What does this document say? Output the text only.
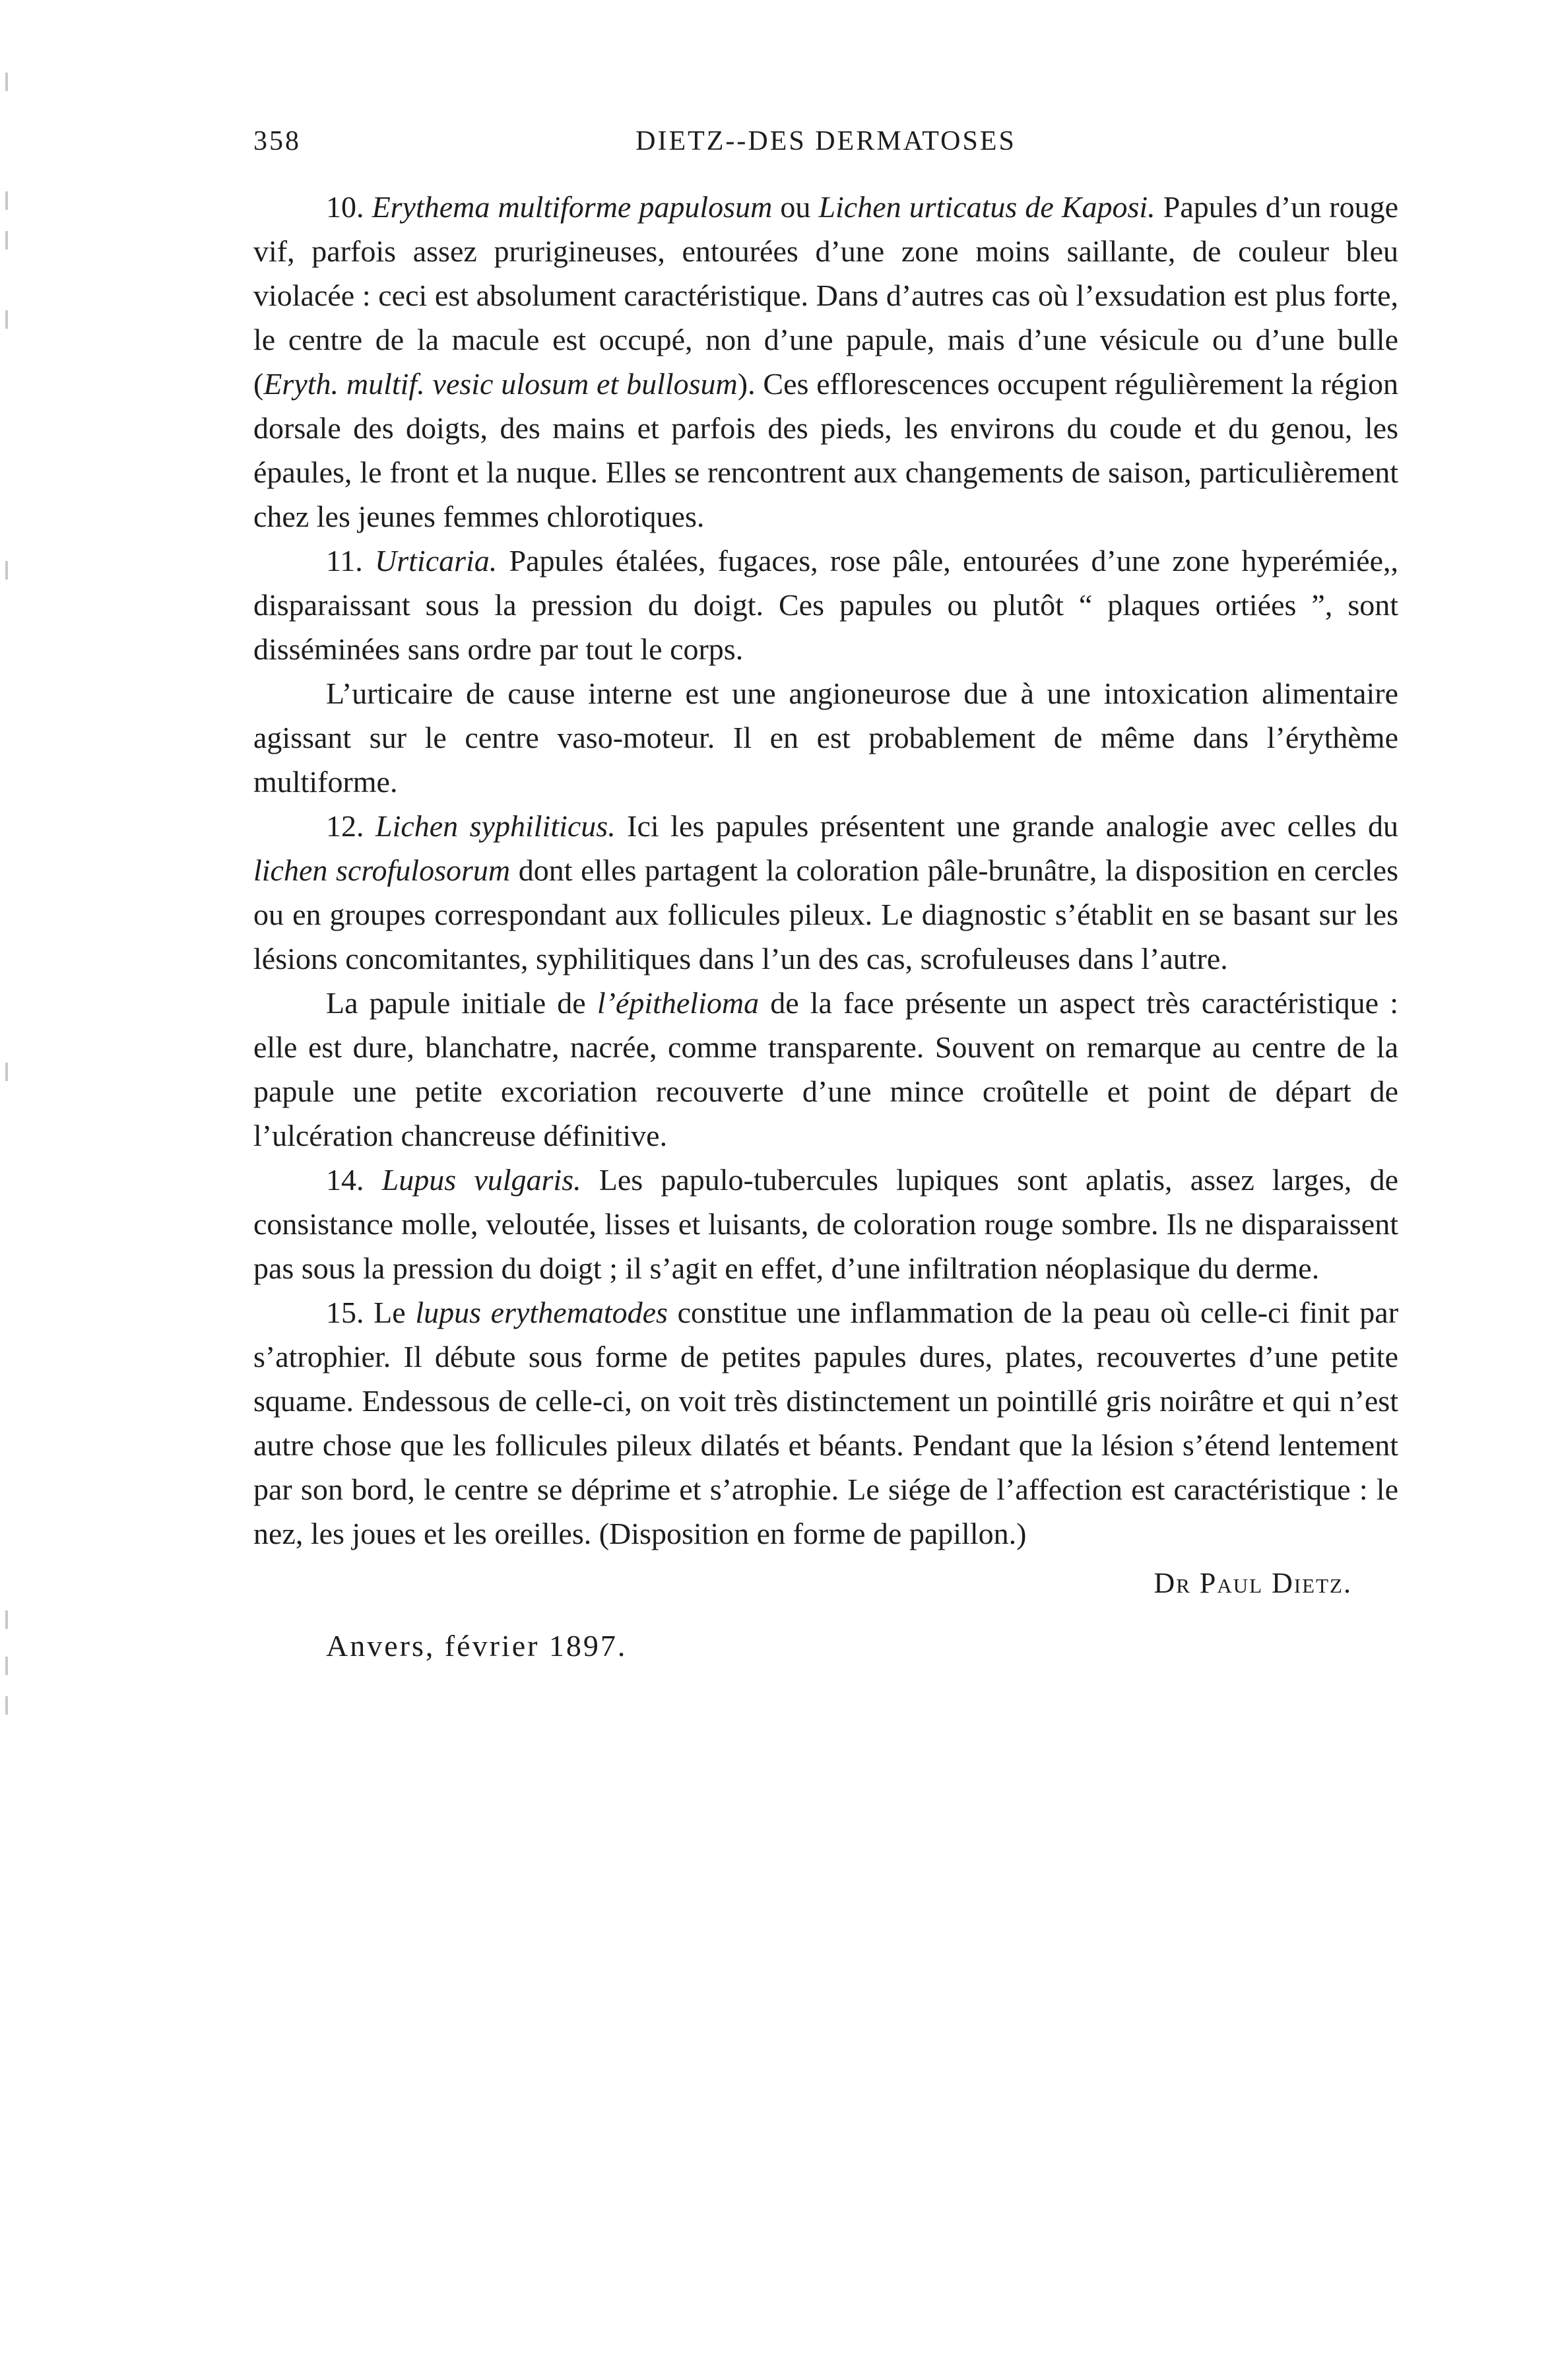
358	DIETZ--DES DERMATOSES

10. Erythema multiforme papulosum ou Lichen urticatus de Kaposi. Papules d’un rouge vif, parfois assez prurigineuses, entourées d’une zone moins saillante, de couleur bleu violacée : ceci est absolument caractéristique. Dans d’autres cas où l’exsudation est plus forte, le centre de la macule est occupé, non d’une papule, mais d’une vésicule ou d’une bulle (Eryth. multif. vesic ulosum et bullosum). Ces efflorescences occupent régulièrement la région dorsale des doigts, des mains et parfois des pieds, les environs du coude et du genou, les épaules, le front et la nuque. Elles se rencontrent aux changements de saison, particulièrement chez les jeunes femmes chlorotiques.

11. Urticaria. Papules étalées, fugaces, rose pâle, entourées d’une zone hyperémiée,, disparaissant sous la pression du doigt. Ces papules ou plutôt “ plaques ortiées ”, sont disséminées sans ordre par tout le corps.

L’urticaire de cause interne est une angioneurose due à une intoxication alimentaire agissant sur le centre vaso-moteur. Il en est probablement de même dans l’érythème multiforme.

12. Lichen syphiliticus. Ici les papules présentent une grande analogie avec celles du lichen scrofulosorum dont elles partagent la coloration pâle-brunâtre, la disposition en cercles ou en groupes correspondant aux follicules pileux. Le diagnostic s’établit en se basant sur les lésions concomitantes, syphilitiques dans l’un des cas, scrofuleuses dans l’autre.

La papule initiale de l’épithelioma de la face présente un aspect très caractéristique : elle est dure, blanchatre, nacrée, comme transparente. Souvent on remarque au centre de la papule une petite excoriation recouverte d’une mince croûtelle et point de départ de l’ulcération chancreuse définitive.

14. Lupus vulgaris. Les papulo-tubercules lupiques sont aplatis, assez larges, de consistance molle, veloutée, lisses et luisants, de coloration rouge sombre. Ils ne disparaissent pas sous la pression du doigt ; il s’agit en effet, d’une infiltration néoplasique du derme.

15. Le lupus erythematodes constitue une inflammation de la peau où celle-ci finit par s’atrophier. Il débute sous forme de petites papules dures, plates, recouvertes d’une petite squame. Endessous de celle-ci, on voit très distinctement un pointillé gris noirâtre et qui n’est autre chose que les follicules pileux dilatés et béants. Pendant que la lésion s’étend lentement par son bord, le centre se déprime et s’atrophie. Le siége de l’affection est caractéristique : le nez, les joues et les oreilles. (Disposition en forme de papillon.)

Dr Paul Dietz.
Anvers, février 1897.
